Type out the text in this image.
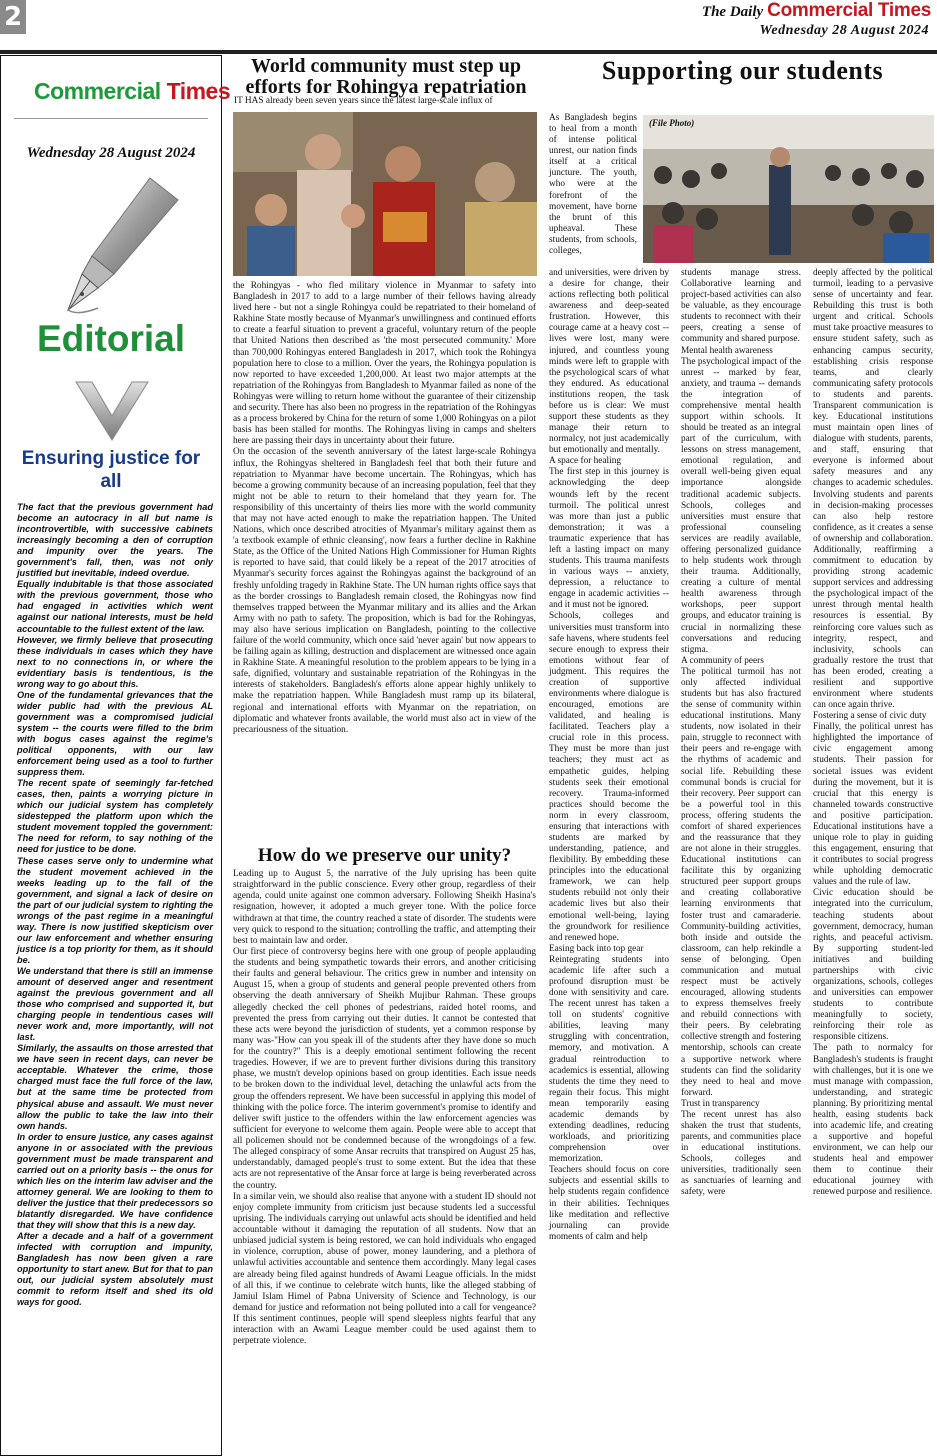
2	The Daily Commercial Times
Wednesday 28 August 2024
Commercial Times
Wednesday 28 August 2024
Editorial
Ensuring justice for all

The fact that the previous government had become an autocracy in all but name is incontrovertible, with successive cabinets increasingly becoming a den of corruption and impunity over the years. The government's fall, then, was not only justified but inevitable, indeed overdue.

Equally indubitable is that those associated with the previous government, those who had engaged in activities which went against our national interests, must be held accountable to the fullest extent of the law.

However, we firmly believe that prosecuting these individuals in cases which they have next to no connections in, or where the evidentiary basis is tendentious, is the wrong way to go about this.

One of the fundamental grievances that the wider public had with the previous AL government was a compromised judicial system -- the courts were filled to the brim with bogus cases against the regime's political opponents, with our law enforcement being used as a tool to further suppress them.

The recent spate of seemingly far-fetched cases, then, paints a worrying picture in which our judicial system has completely sidestepped the platform upon which the student movement toppled the government: The need for reform, to say nothing of the need for justice to be done.

These cases serve only to undermine what the student movement achieved in the weeks leading up to the fall of the government, and signal a lack of desire on the part of our judicial system to righting the wrongs of the past regime in a meaningful way. There is now justified skepticism over our law enforcement and whether ensuring justice is a top priority for them, as it should be.

We understand that there is still an immense amount of deserved anger and resentment against the previous government and all those who comprised and supported it, but charging people in tendentious cases will never work and, more importantly, will not last.

Similarly, the assaults on those arrested that we have seen in recent days, can never be acceptable. Whatever the crime, those charged must face the full force of the law, but at the same time be protected from physical abuse and assault. We must never allow the public to take the law into their own hands.

In order to ensure justice, any cases against anyone in or associated with the previous government must be made transparent and carried out on a priority basis -- the onus for which lies on the interim law adviser and the attorney general. We are looking to them to deliver the justice that their predecessors so blatantly disregarded. We have confidence that they will show that this is a new day.

After a decade and a half of a government infected with corruption and impunity, Bangladesh has now been given a rare opportunity to start anew. But for that to pan out, our judicial system absolutely must commit to reform itself and shed its old ways for good.

World community must step up efforts for Rohingya repatriation
IT HAS already been seven years since the latest large-scale influx of

the Rohingyas - who fled military violence in Myanmar to safety into Bangladesh in 2017 to add to a large number of their fellows having already lived here - but not a single Rohingya could be repatriated to their homeland of Rakhine State mostly because of Myanmar's unwillingness and continued efforts to create a fearful situation to prevent a graceful, voluntary return of the people that United Nations then described as 'the most persecuted community.' More than 700,000 Rohingyas entered Bangladesh in 2017, which took the Rohingya population here to close to a million. Over the years, the Rohingya population is now reported to have exceeded 1,200,000. At least two major attempts at the repatriation of the Rohingyas from Bangladesh to Myanmar failed as none of the Rohingyas were willing to return home without the guarantee of their citizenship and security. There has also been no progress in the repatriation of the Rohingyas as a process brokered by China for the return of some 1,000 Rohingyas on a pilot basis has been stalled for months. The Rohingyas living in camps and shelters here are passing their days in uncertainty about their future.

On the occasion of the seventh anniversary of the latest large-scale Rohingya influx, the Rohingyas sheltered in Bangladesh feel that both their future and repatriation to Myanmar have become uncertain. The Rohingyas, which has become a growing community because of an increasing population, feel that they might not be able to return to their homeland that they yearn for. The responsibility of this uncertainty of theirs lies more with the world community that may not have acted enough to make the repatriation happen. The United Nations, which once described atrocities of Myanmar's military against them as 'a textbook example of ethnic cleansing', now fears a further decline in Rakhine State, as the Office of the United Nations High Commissioner for Human Rights is reported to have said, that could likely be a repeat of the 2017 atrocities of Myanmar's security forces against the Rohingyas against the background of an freshly unfolding tragedy in Rakhine State. The UN human rights office says that as the border crossings to Bangladesh remain closed, the Rohingyas now find themselves trapped between the Myanmar military and its allies and the Arkan Army with no path to safety. The proposition, which is bad for the Rohingyas, may also have serious implication on Bangladesh, pointing to the collective failure of the world community, which once said 'never again' but now appears to be failing again as killing, destruction and displacement are witnessed once again in Rakhine State. A meaningful resolution to the problem appears to be lying in a safe, dignified, voluntary and sustainable repatriation of the Rohingyas in the interests of stakeholders. Bangladesh's efforts alone appear highly unlikely to make the repatriation happen. While Bangladesh must ramp up its bilateral, regional and international efforts with Myanmar on the repatriation, on diplomatic and whatever fronts available, the world must also act in view of the precariousness of the situation.

How do we preserve our unity?

Leading up to August 5, the narrative of the July uprising has been quite straightforward in the public conscience. Every other group, regardless of their agenda, could unite against one common adversary. Following Sheikh Hasina's resignation, however, it adopted a much greyer tone. With the police force withdrawn at that time, the country reached a state of disorder. The students were very quick to respond to the situation; controlling the traffic, and attempting their best to maintain law and order.

Our first piece of controversy begins here with one group of people applauding the students and being sympathetic towards their errors, and another criticising their faults and general behaviour. The critics grew in number and intensity on August 15, when a group of students and general people prevented others from observing the death anniversary of Sheikh Mujibur Rahman. These groups allegedly checked the cell phones of pedestrians, raided hotel rooms, and prevented the press from carrying out their duties. It cannot be contested that these acts were beyond the jurisdiction of students, yet a common response by many was-"How can you speak ill of the students after they have done so much for the country?" This is a deeply emotional sentiment following the recent tragedies. However, if we are to prevent further divisions during this transitory phase, we mustn't develop opinions based on group identities. Each issue needs to be broken down to the individual level, detaching the unlawful acts from the group the offenders represent. We have been successful in applying this model of thinking with the police force. The interim government's promise to identify and deliver swift justice to the offenders within the law enforcement agencies was sufficient for everyone to welcome them again. People were able to accept that all policemen should not be condemned because of the wrongdoings of a few. The alleged conspiracy of some Ansar recruits that transpired on August 25 has, understandably, damaged people's trust to some extent. But the idea that these acts are not representative of the Ansar force at large is being reverberated across the country.

In a similar vein, we should also realise that anyone with a student ID should not enjoy complete immunity from criticism just because students led a successful uprising. The individuals carrying out unlawful acts should be identified and held accountable without it damaging the reputation of all students. Now that an unbiased judicial system is being restored, we can hold individuals who engaged in violence, corruption, abuse of power, money laundering, and a plethora of unlawful activities accountable and sentence them accordingly. Many legal cases are already being filed against hundreds of Awami League officials. In the midst of all this, if we continue to celebrate witch hunts, like the alleged stabbing of Jamiul Islam Himel of Pabna University of Science and Technology, is our demand for justice and reformation not being polluted into a call for vengeance? If this sentiment continues, people will spend sleepless nights fearful that any interaction with an Awami League member could be used against them to perpetrate violence.

Supporting our students
(File Photo)

As Bangladesh begins to heal from a month of intense political unrest, our nation finds itself at a critical juncture. The youth, who were at the forefront of the movement, have borne the brunt of this upheaval. These students, from schools, colleges,

and universities, were driven by a desire for change, their actions reflecting both political awareness and deep-seated frustration. However, this courage came at a heavy cost -- lives were lost, many were injured, and countless young minds were left to grapple with the psychological scars of what they endured. As educational institutions reopen, the task before us is clear: We must support these students as they manage their return to normalcy, not just academically but emotionally and mentally.

A space for healing

The first step in this journey is acknowledging the deep wounds left by the recent turmoil. The political unrest was more than just a public demonstration; it was a traumatic experience that has left a lasting impact on many students. This trauma manifests in various ways -- anxiety, depression, a reluctance to engage in academic activities -- and it must not be ignored.

Schools, colleges and universities must transform into safe havens, where students feel secure enough to express their emotions without fear of judgment. This requires the creation of supportive environments where dialogue is encouraged, emotions are validated, and healing is facilitated. Teachers play a crucial role in this process. They must be more than just teachers; they must act as empathetic guides, helping students seek their emotional recovery. Trauma-informed practices should become the norm in every classroom, ensuring that interactions with students are marked by understanding, patience, and flexibility. By embedding these principles into the educational framework, we can help students rebuild not only their academic lives but also their emotional well-being, laying the groundwork for resilience and renewed hope.

Easing back into top gear

Reintegrating students into academic life after such a profound disruption must be done with sensitivity and care. The recent unrest has taken a toll on students' cognitive abilities, leaving many struggling with concentration, memory, and motivation. A gradual reintroduction to academics is essential, allowing students the time they need to regain their focus. This might mean temporarily easing academic demands by extending deadlines, reducing workloads, and prioritizing comprehension over memorization.

Teachers should focus on core subjects and essential skills to help students regain confidence in their abilities. Techniques like meditation and reflective journaling can provide moments of calm and help

students manage stress. Collaborative learning and project-based activities can also be valuable, as they encourage students to reconnect with their peers, creating a sense of community and shared purpose.

Mental health awareness

The psychological impact of the unrest -- marked by fear, anxiety, and trauma -- demands the integration of comprehensive mental health support within schools. It should be treated as an integral part of the curriculum, with lessons on stress management, emotional regulation, and overall well-being given equal importance alongside traditional academic subjects. Schools, colleges and universities must ensure that professional counseling services are readily available, offering personalized guidance to help students work through their trauma. Additionally, creating a culture of mental health awareness through workshops, peer support groups, and educator training is crucial in normalizing these conversations and reducing stigma.

A community of peers

The political turmoil has not only affected individual students but has also fractured the sense of community within educational institutions. Many students, now isolated in their pain, struggle to reconnect with their peers and re-engage with the rhythms of academic and social life. Rebuilding these communal bonds is crucial for their recovery. Peer support can be a powerful tool in this process, offering students the comfort of shared experiences and the reassurance that they are not alone in their struggles. Educational institutions can facilitate this by organizing structured peer support groups and creating collaborative learning environments that foster trust and camaraderie. Community-building activities, both inside and outside the classroom, can help rekindle a sense of belonging. Open communication and mutual respect must be actively encouraged, allowing students to express themselves freely and rebuild connections with their peers. By celebrating collective strength and fostering mentorship, schools can create a supportive network where students can find the solidarity they need to heal and move forward.

Trust in transparency

The recent unrest has also shaken the trust that students, parents, and communities place in educational institutions. Schools, colleges and universities, traditionally seen as sanctuaries of learning and safety, were

deeply affected by the political turmoil, leading to a pervasive sense of uncertainty and fear. Rebuilding this trust is both urgent and critical. Schools must take proactive measures to ensure student safety, such as enhancing campus security, establishing crisis response teams, and clearly communicating safety protocols to students and parents. Transparent communication is key. Educational institutions must maintain open lines of dialogue with students, parents, and staff, ensuring that everyone is informed about safety measures and any changes to academic schedules. Involving students and parents in decision-making processes can also help restore confidence, as it creates a sense of ownership and collaboration. Additionally, reaffirming a commitment to education by providing strong academic support services and addressing the psychological impact of the unrest through mental health resources is essential. By reinforcing core values such as integrity, respect, and inclusivity, schools can gradually restore the trust that has been eroded, creating a resilient and supportive environment where students can once again thrive.

Fostering a sense of civic duty

Finally, the political unrest has highlighted the importance of civic engagement among students. Their passion for societal issues was evident during the movement, but it is crucial that this energy is channeled towards constructive and positive participation. Educational institutions have a unique role to play in guiding this engagement, ensuring that it contributes to social progress while upholding democratic values and the rule of law.

Civic education should be integrated into the curriculum, teaching students about government, democracy, human rights, and peaceful activism. By supporting student-led initiatives and building partnerships with civic organizations, schools, colleges and universities can empower students to contribute meaningfully to society, reinforcing their role as responsible citizens.

The path to normalcy for Bangladesh's students is fraught with challenges, but it is one we must manage with compassion, understanding, and strategic planning. By prioritizing mental health, easing students back into academic life, and creating a supportive and hopeful environment, we can help our students heal and empower them to continue their educational journey with renewed purpose and resilience.
